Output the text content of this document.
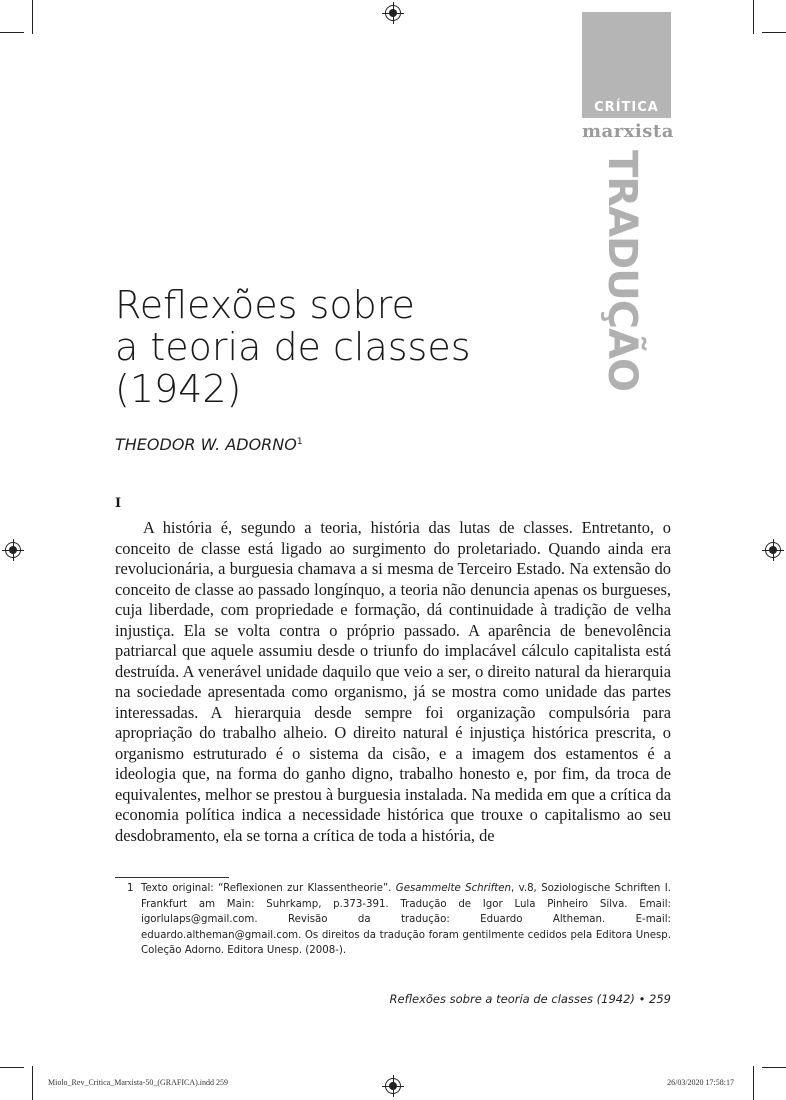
CRÍTICA
marxista
TRADUÇÃO
Reflexões sobre
a teoria de classes
(1942)
THEODOR W. ADORNO$^1$
I

A história é, segundo a teoria, história das lutas de classes. Entretanto, o conceito de classe está ligado ao surgimento do proletariado. Quando ainda era revolucionária, a burguesia chamava a si mesma de Terceiro Estado. Na extensão do conceito de classe ao passado longínquo, a teoria não denuncia apenas os burgueses, cuja liberdade, com propriedade e formação, dá continuidade à tradição de velha injustiça. Ela se volta contra o próprio passado. A aparência de benevolência patriarcal que aquele assumiu desde o triunfo do implacável cálculo capitalista está destruída. A venerável unidade daquilo que veio a ser, o direito natural da hierarquia na sociedade apresentada como organismo, já se mostra como unidade das partes interessadas. A hierarquia desde sempre foi organização compulsória para apropriação do trabalho alheio. O direito natural é injustiça histórica prescrita, o organismo estruturado é o sistema da cisão, e a imagem dos estamentos é a ideologia que, na forma do ganho digno, trabalho honesto e, por fim, da troca de equivalentes, melhor se prestou à burguesia instalada. Na medida em que a crítica da economia política indica a necessidade histórica que trouxe o capitalismo ao seu desdobramento, ela se torna a crítica de toda a história, de

1 Texto original: “Reflexionen zur Klassentheorie”. Gesammelte Schriften, v.8, Soziologische Schriften I. Frankfurt am Main: Suhrkamp, p.373-391. Tradução de Igor Lula Pinheiro Silva. Email: igorlulaps@gmail.com. Revisão da tradução: Eduardo Altheman. E-mail: eduardo.altheman@gmail.com. Os direitos da tradução foram gentilmente cedidos pela Editora Unesp. Coleção Adorno. Editora Unesp. (2008-).

Reflexões sobre a teoria de classes (1942) • 259
Miolo_Rev_Critica_Marxista-50_(GRAFICA).indd 259	26/03/2020 17:58:17
